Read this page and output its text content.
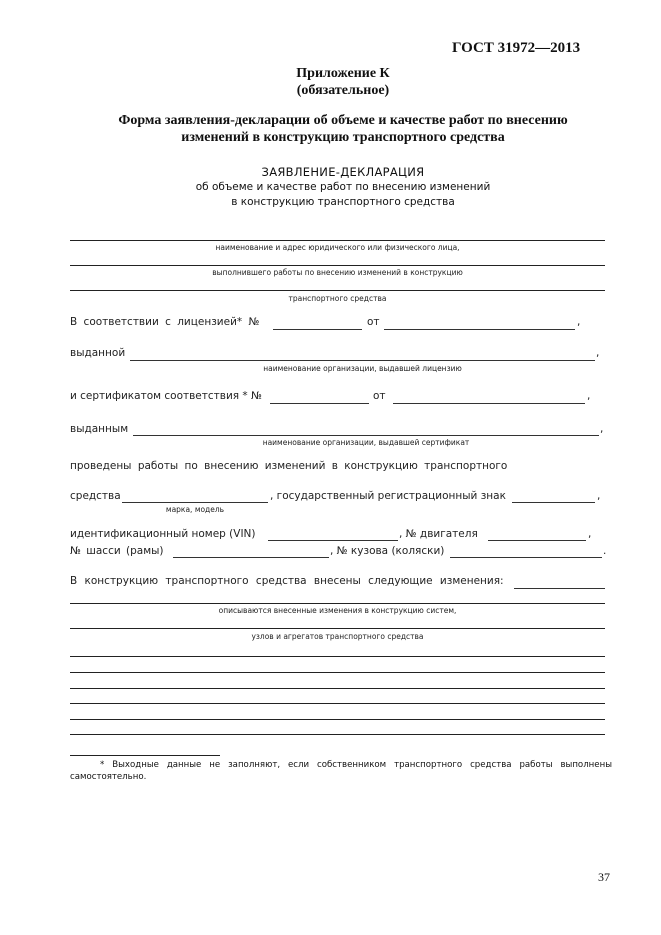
ГОСТ 31972—2013
Приложение К
(обязательное)
Форма заявления-декларации об объеме и качестве работ по внесению
изменений в конструкцию транспортного средства
ЗАЯВЛЕНИЕ-ДЕКЛАРАЦИЯ
об объеме и качестве работ по внесению изменений
в конструкцию транспортного средства
наименование и адрес юридического или физического лица,
выполнившего работы по внесению изменений в конструкцию
транспортного средства
В соответствии с лицензией* №	от	,
выданной	,
наименование организации, выдавшей лицензию
и сертификатом соответствия * №	от	,
выданным	,
наименование организации, выдавшей сертификат
проведены работы по внесению изменений в конструкцию транспортного
средства
марка, модель
, государственный регистрационный знак	,
идентификационный номер (VIN)	, № двигателя	,
№ шасси (рамы)	, № кузова (коляски)	.
В конструкцию транспортного средства внесены следующие изменения:
описываются внесенные изменения в конструкцию систем,
узлов и агрегатов транспортного средства
* Выходные данные не заполняют, если собственником транспортного средства работы выполнены
самостоятельно.
37
